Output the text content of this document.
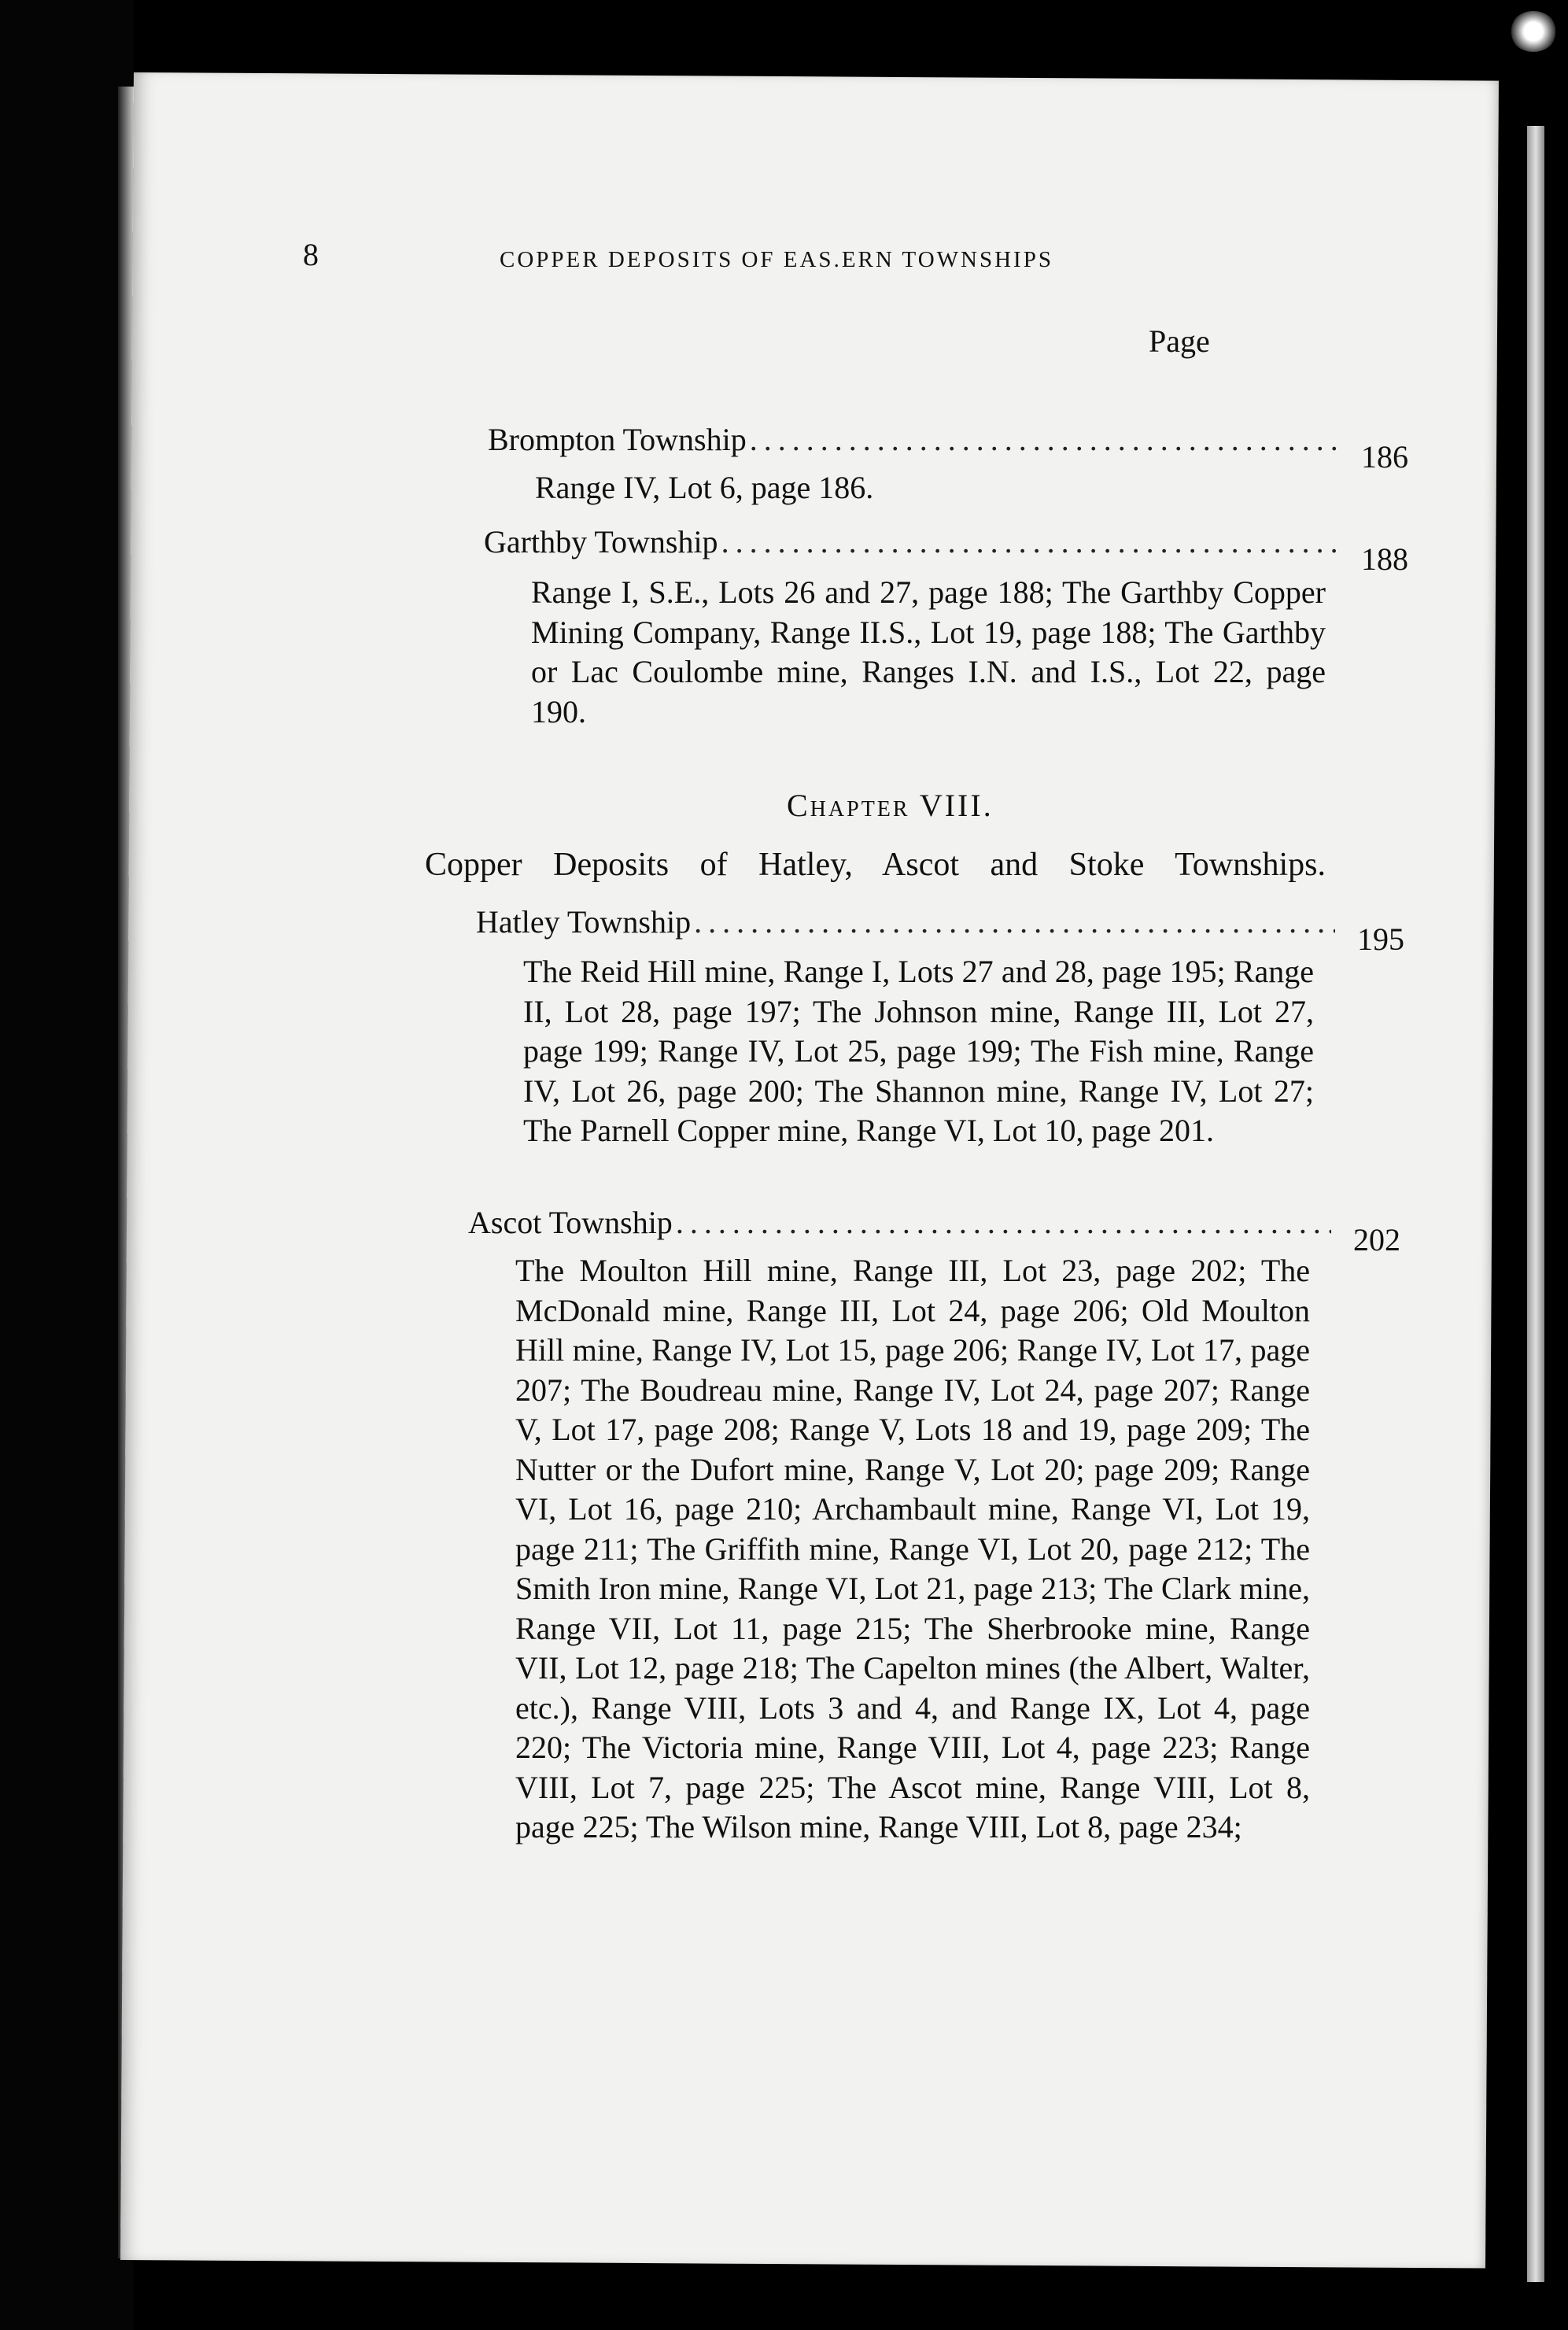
8	COPPER DEPOSITS OF EAS.ERN TOWNSHIPS
Page
Brompton Township .....	186
Range IV, Lot 6, page 186.
Garthby Township .....	188
Range I, S.E., Lots 26 and 27, page 188; The Garthby Copper Mining Company, Range II.S., Lot 19, page 188; The Garthby or Lac Coulombe mine, Ranges I.N. and I.S., Lot 22, page 190.
Chapter VIII.
Copper Deposits of Hatley, Ascot and Stoke Townships.
Hatley Township .....	195
The Reid Hill mine, Range I, Lots 27 and 28, page 195; Range II, Lot 28, page 197; The Johnson mine, Range III, Lot 27, page 199; Range IV, Lot 25, page 199; The Fish mine, Range IV, Lot 26, page 200; The Shannon mine, Range IV, Lot 27; The Parnell Copper mine, Range VI, Lot 10, page 201.
Ascot Township .....	202
The Moulton Hill mine, Range III, Lot 23, page 202; The McDonald mine, Range III, Lot 24, page 206; Old Moulton Hill mine, Range IV, Lot 15, page 206; Range IV, Lot 17, page 207; The Boudreau mine, Range IV, Lot 24, page 207; Range V, Lot 17, page 208; Range V, Lots 18 and 19, page 209; The Nutter or the Dufort mine, Range V, Lot 20; page 209; Range VI, Lot 16, page 210; Archambault mine, Range VI, Lot 19, page 211; The Griffith mine, Range VI, Lot 20, page 212; The Smith Iron mine, Range VI, Lot 21, page 213; The Clark mine, Range VII, Lot 11, page 215; The Sherbrooke mine, Range VII, Lot 12, page 218; The Capelton mines (the Albert, Walter, etc.), Range VIII, Lots 3 and 4, and Range IX, Lot 4, page 220; The Victoria mine, Range VIII, Lot 4, page 223; Range VIII, Lot 7, page 225; The Ascot mine, Range VIII, Lot 8, page 225; The Wilson mine, Range VIII, Lot 8, page 234;
